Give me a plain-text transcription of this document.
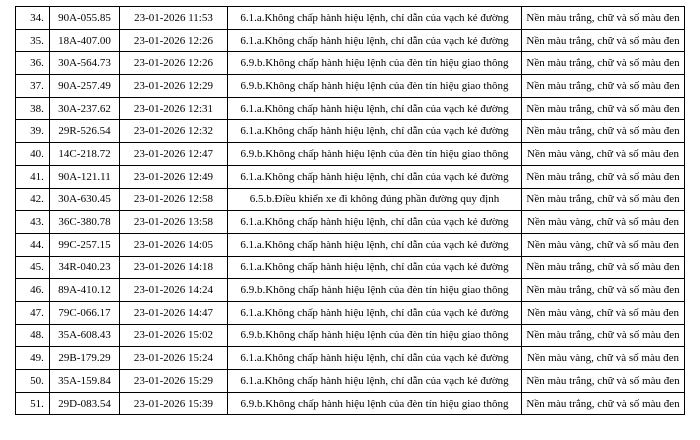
34.	90A-055.85	23-01-2026 11:53	6.1.a.Không chấp hành hiệu lệnh, chỉ dẫn của vạch kẻ đường	Nền màu trắng, chữ và số màu đen
35.	18A-407.00	23-01-2026 12:26	6.1.a.Không chấp hành hiệu lệnh, chỉ dẫn của vạch kẻ đường	Nền màu trắng, chữ và số màu đen
36.	30A-564.73	23-01-2026 12:26	6.9.b.Không chấp hành hiệu lệnh của đèn tín hiệu giao thông	Nền màu trắng, chữ và số màu đen
37.	90A-257.49	23-01-2026 12:29	6.9.b.Không chấp hành hiệu lệnh của đèn tín hiệu giao thông	Nền màu trắng, chữ và số màu đen
38.	30A-237.62	23-01-2026 12:31	6.1.a.Không chấp hành hiệu lệnh, chỉ dẫn của vạch kẻ đường	Nền màu trắng, chữ và số màu đen
39.	29R-526.54	23-01-2026 12:32	6.1.a.Không chấp hành hiệu lệnh, chỉ dẫn của vạch kẻ đường	Nền màu trắng, chữ và số màu đen
40.	14C-218.72	23-01-2026 12:47	6.9.b.Không chấp hành hiệu lệnh của đèn tín hiệu giao thông	Nền màu vàng, chữ và số màu đen
41.	90A-121.11	23-01-2026 12:49	6.1.a.Không chấp hành hiệu lệnh, chỉ dẫn của vạch kẻ đường	Nền màu trắng, chữ và số màu đen
42.	30A-630.45	23-01-2026 12:58	6.5.b.Điều khiển xe đi không đúng phần đường quy định	Nền màu trắng, chữ và số màu đen
43.	36C-380.78	23-01-2026 13:58	6.1.a.Không chấp hành hiệu lệnh, chỉ dẫn của vạch kẻ đường	Nền màu vàng, chữ và số màu đen
44.	99C-257.15	23-01-2026 14:05	6.1.a.Không chấp hành hiệu lệnh, chỉ dẫn của vạch kẻ đường	Nền màu vàng, chữ và số màu đen
45.	34R-040.23	23-01-2026 14:18	6.1.a.Không chấp hành hiệu lệnh, chỉ dẫn của vạch kẻ đường	Nền màu trắng, chữ và số màu đen
46.	89A-410.12	23-01-2026 14:24	6.9.b.Không chấp hành hiệu lệnh của đèn tín hiệu giao thông	Nền màu trắng, chữ và số màu đen
47.	79C-066.17	23-01-2026 14:47	6.1.a.Không chấp hành hiệu lệnh, chỉ dẫn của vạch kẻ đường	Nền màu vàng, chữ và số màu đen
48.	35A-608.43	23-01-2026 15:02	6.9.b.Không chấp hành hiệu lệnh của đèn tín hiệu giao thông	Nền màu trắng, chữ và số màu đen
49.	29B-179.29	23-01-2026 15:24	6.1.a.Không chấp hành hiệu lệnh, chỉ dẫn của vạch kẻ đường	Nền màu vàng, chữ và số màu đen
50.	35A-159.84	23-01-2026 15:29	6.1.a.Không chấp hành hiệu lệnh, chỉ dẫn của vạch kẻ đường	Nền màu trắng, chữ và số màu đen
51.	29D-083.54	23-01-2026 15:39	6.9.b.Không chấp hành hiệu lệnh của đèn tín hiệu giao thông	Nền màu trắng, chữ và số màu đen
